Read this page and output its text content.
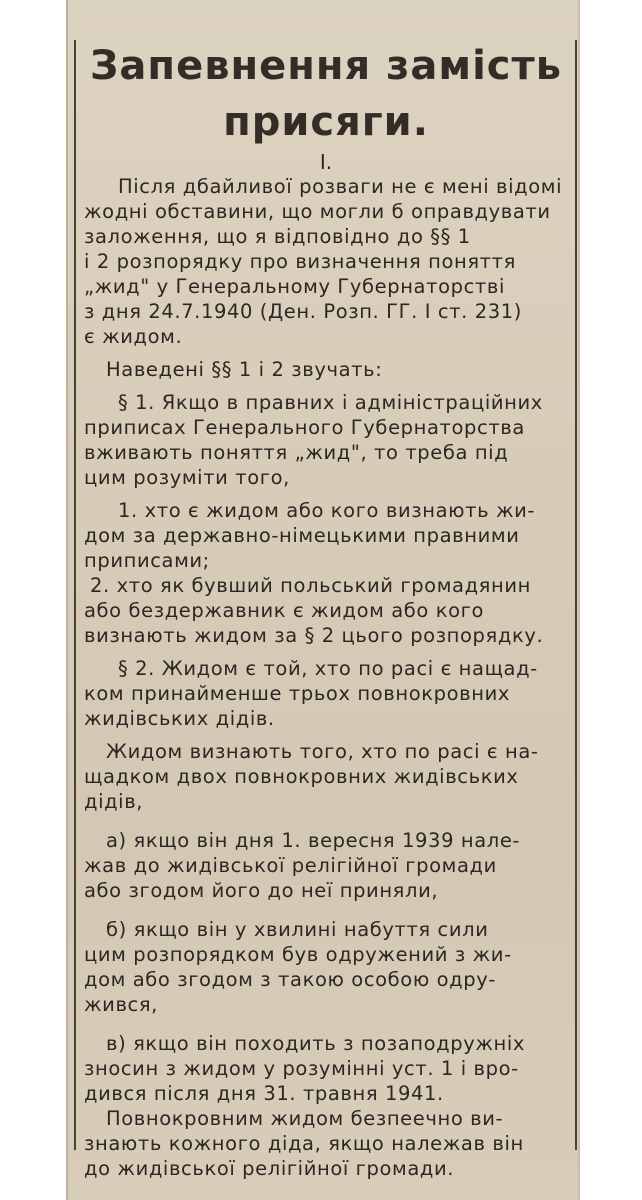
Запевнення замість
присяги.
I.
Після дбайливої розваги не є мені відомі
жодні обставини, що могли б оправдувати
заложення, що я відповідно до §§ 1
і 2 розпорядку про визначення поняття
„жид" у Генеральному Губернаторстві
з дня 24.7.1940 (Ден. Розп. ГГ. I ст. 231)
є жидом.
Наведені §§ 1 і 2 звучать:
§ 1. Якщо в правних і адміністраційних
приписах Генерального Губернаторства
вживають поняття „жид", то треба під
цим розуміти того,
1. хто є жидом або кого визнають жи-
дом за державно-німецькими правними
приписами;
2. хто як бувший польський громадянин
або бездержавник є жидом або кого
визнають жидом за § 2 цього розпорядку.
§ 2. Жидом є той, хто по расі є нащад-
ком принайменше трьох повнокровних
жидівських дідів.
Жидом визнають того, хто по расі є на-
щадком двох повнокровних жидівських
дідів,
а) якщо він дня 1. вересня 1939 нале-
жав до жидівської релігійної громади
або згодом його до неї приняли,
б) якщо він у хвилині набуття сили
цим розпорядком був одружений з жи-
дом або згодом з такою особою одру-
жився,
в) якщо він походить з позаподружніх
зносин з жидом у розумінні уст. 1 і вро-
дився після дня 31. травня 1941.
Повнокровним жидом безпеечно ви-
знають кожного діда, якщо належав він
до жидівської релігійної громади.
